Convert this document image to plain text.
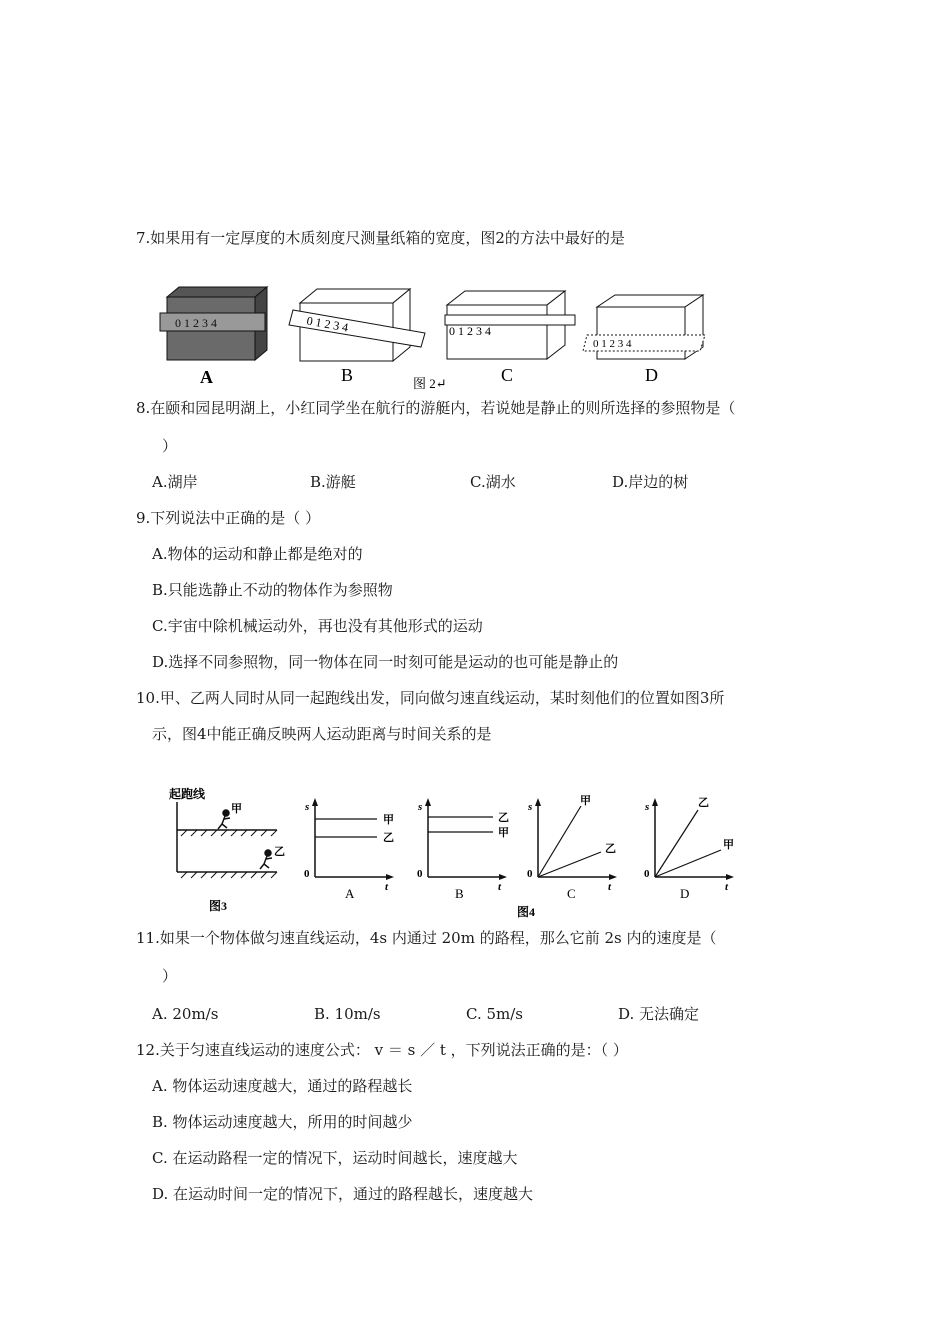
7.如果用有一定厚度的木质刻度尺测量纸箱的宽度，图2的方法中最好的是
0 1 2 3 4
A
0 1 2 3 4
B
0 1 2 3 4
C
0 1 2 3 4
D
图 2↵
8.在颐和园昆明湖上，小红同学坐在航行的游艇内，若说她是静止的则所选择的参照物是（
）
A.湖岸	B.游艇	C.湖水	D.岸边的树
9.下列说法中正确的是（ ）
A.物体的运动和静止都是绝对的
B.只能选静止不动的物体作为参照物
C.宇宙中除机械运动外，再也没有其他形式的运动
D.选择不同参照物，同一物体在同一时刻可能是运动的也可能是静止的
10.甲、乙两人同时从同一起跑线出发，同向做匀速直线运动，某时刻他们的位置如图3所
示，图4中能正确反映两人运动距离与时间关系的是
起跑线
甲
乙
图3
s
0
t
甲
乙
A
s
0
t
乙
甲
B
s
0
t
甲
乙
C
s
0
t
乙
甲
D
图4
11.如果一个物体做匀速直线运动，4s 内通过 20m 的路程，那么它前 2s 内的速度是（
）
A. 20m/s	B. 10m/s	C. 5m/s	D. 无法确定
12.关于匀速直线运动的速度公式： v ＝ s ／ t ，下列说法正确的是：（ ）
A. 物体运动速度越大，通过的路程越长
B. 物体运动速度越大，所用的时间越少
C. 在运动路程一定的情况下，运动时间越长，速度越大
D. 在运动时间一定的情况下，通过的路程越长，速度越大
